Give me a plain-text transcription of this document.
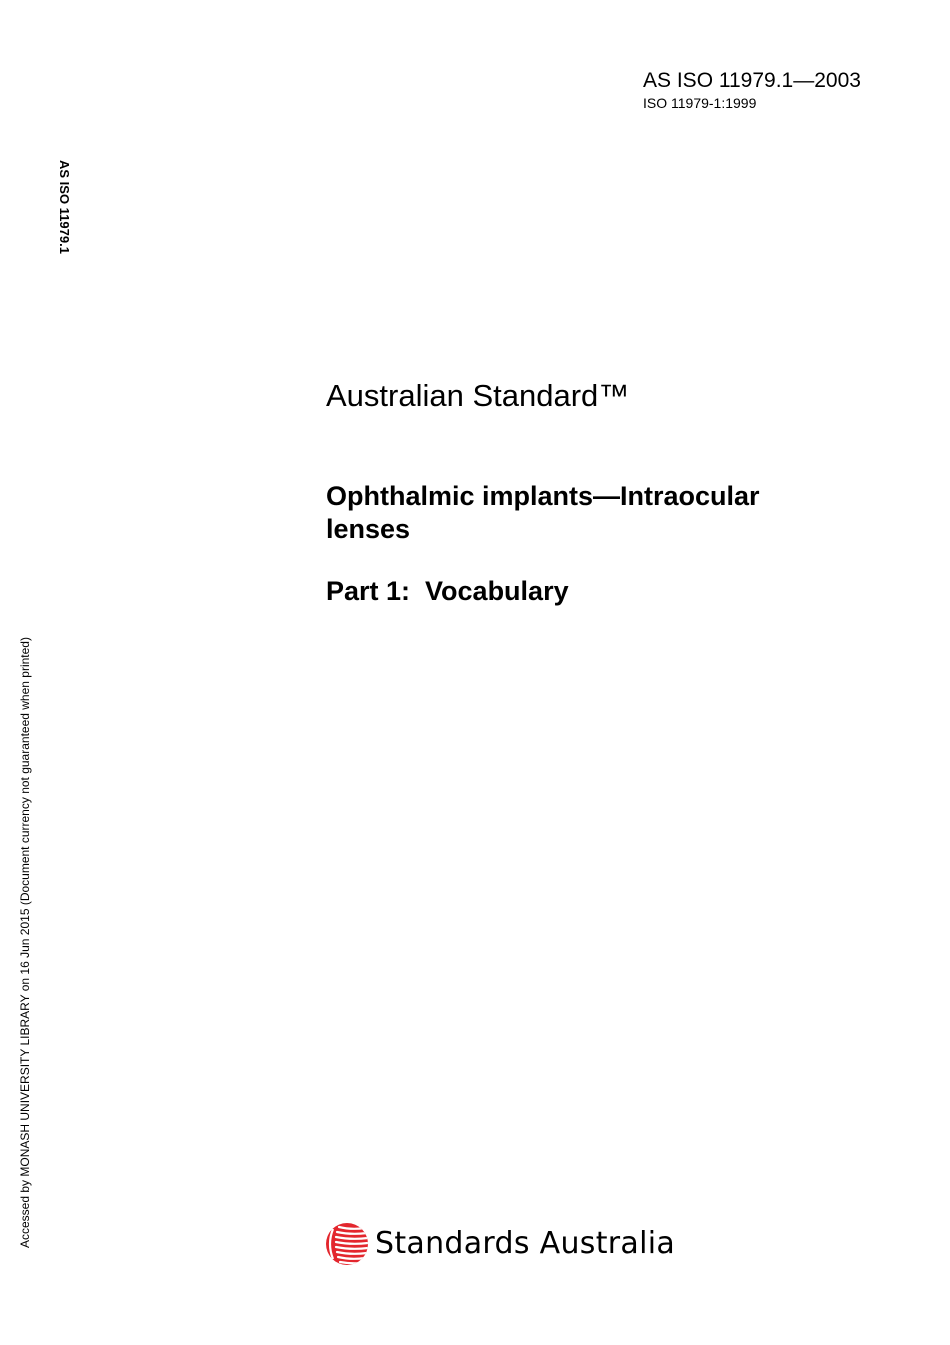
AS ISO 11979.1—2003
ISO 11979-1:1999
AS ISO 11979.1
Accessed by MONASH UNIVERSITY LIBRARY on 16 Jun 2015 (Document currency not guaranteed when printed)
Australian Standard™
Ophthalmic implants—Intraocular lenses
Part 1:  Vocabulary
Standards Australia
